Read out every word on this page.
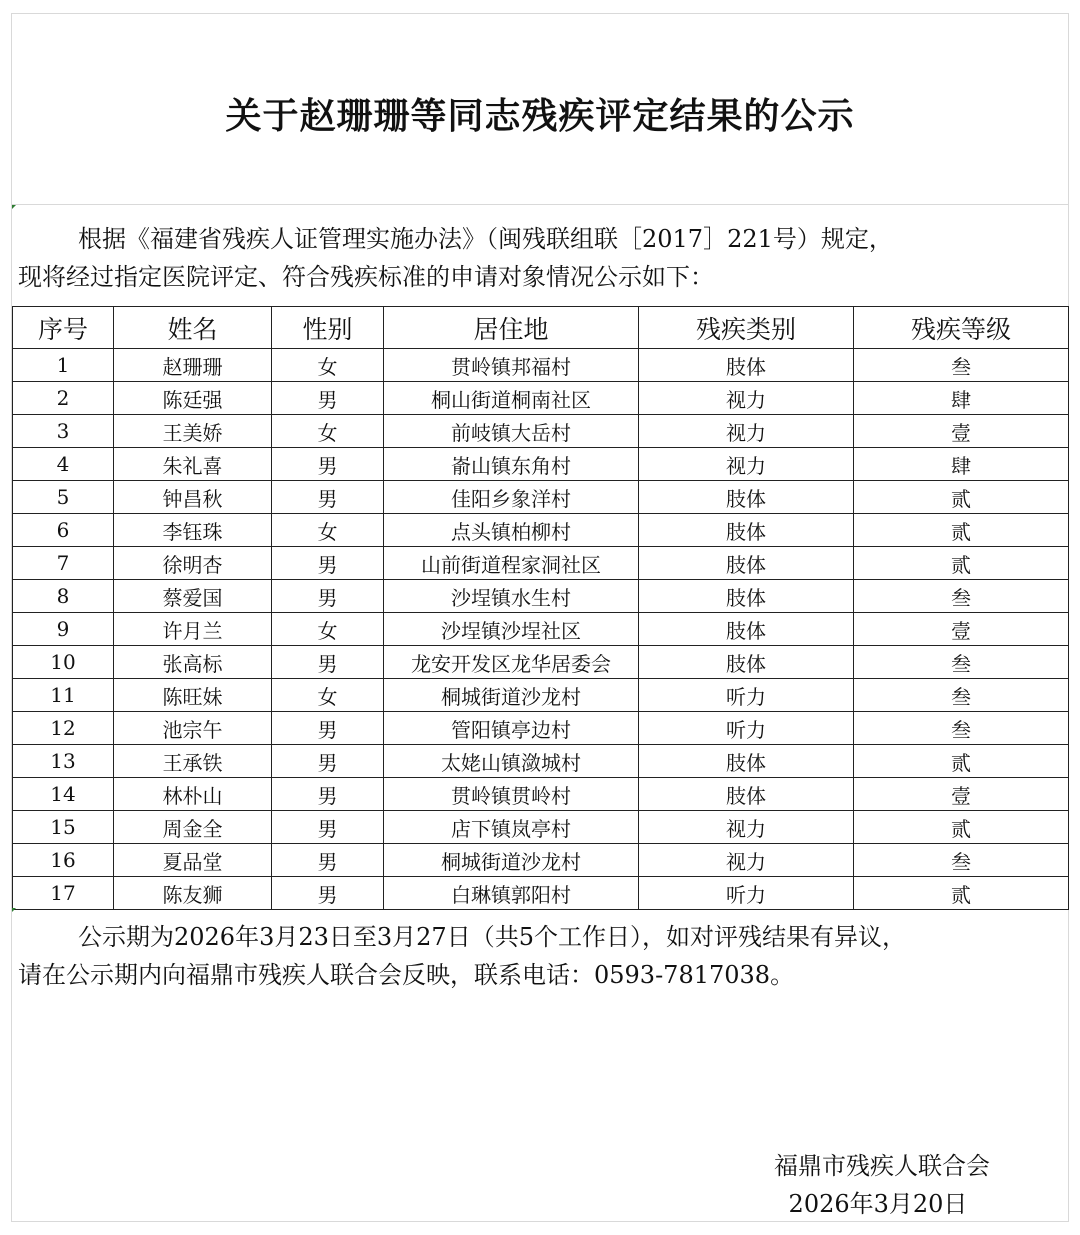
关于赵珊珊等同志残疾评定结果的公示
根据《福建省残疾人证管理实施办法》（闽残联组联［2017］221号）规定，
现将经过指定医院评定、符合残疾标准的申请对象情况公示如下：
序号	姓名	性别	居住地	残疾类别	残疾等级
1	赵珊珊	女	贯岭镇邦福村	肢体	叁
2	陈廷强	男	桐山街道桐南社区	视力	肆
3	王美娇	女	前岐镇大岳村	视力	壹
4	朱礼喜	男	嵛山镇东角村	视力	肆
5	钟昌秋	男	佳阳乡象洋村	肢体	贰
6	李钰珠	女	点头镇柏柳村	肢体	贰
7	徐明杏	男	山前街道程家洞社区	肢体	贰
8	蔡爱国	男	沙埕镇水生村	肢体	叁
9	许月兰	女	沙埕镇沙埕社区	肢体	壹
10	张高标	男	龙安开发区龙华居委会	肢体	叁
11	陈旺妹	女	桐城街道沙龙村	听力	叁
12	池宗午	男	管阳镇亭边村	听力	叁
13	王承铁	男	太姥山镇潋城村	肢体	贰
14	林朴山	男	贯岭镇贯岭村	肢体	壹
15	周金全	男	店下镇岚亭村	视力	贰
16	夏品堂	男	桐城街道沙龙村	视力	叁
17	陈友狮	男	白琳镇郭阳村	听力	贰
公示期为2026年3月23日至3月27日（共5个工作日），如对评残结果有异议，
请在公示期内向福鼎市残疾人联合会反映，联系电话：0593-7817038。
福鼎市残疾人联合会
2026年3月20日
